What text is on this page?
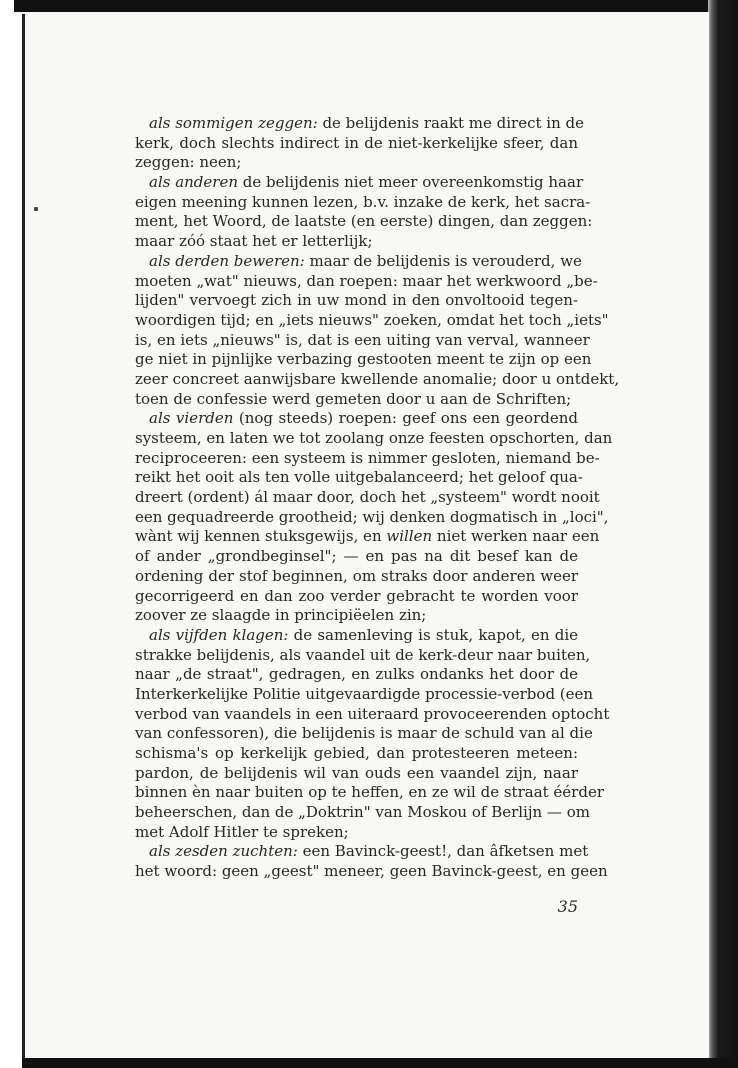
als sommigen zeggen: de belijdenis raakt me direct in de
kerk, doch slechts indirect in de niet-kerkelijke sfeer, dan
zeggen: neen;
als anderen de belijdenis niet meer overeenkomstig haar
eigen meening kunnen lezen, b.v. inzake de kerk, het sacra-
ment, het Woord, de laatste (en eerste) dingen, dan zeggen:
maar zóó staat het er letterlijk;
als derden beweren: maar de belijdenis is verouderd, we
moeten „wat" nieuws, dan roepen: maar het werkwoord „be-
lijden" vervoegt zich in uw mond in den onvoltooid tegen-
woordigen tijd; en „iets nieuws" zoeken, omdat het toch „iets"
is, en iets „nieuws" is, dat is een uiting van verval, wanneer
ge niet in pijnlijke verbazing gestooten meent te zijn op een
zeer concreet aanwijsbare kwellende anomalie; door u ontdekt,
toen de confessie werd gemeten door u aan de Schriften;
als vierden (nog steeds) roepen: geef ons een geordend
systeem, en laten we tot zoolang onze feesten opschorten, dan
reciproceeren: een systeem is nimmer gesloten, niemand be-
reikt het ooit als ten volle uitgebalanceerd; het geloof qua-
dreert (ordent) ál maar door, doch het „systeem" wordt nooit
een gequadreerde grootheid; wij denken dogmatisch in „loci",
wànt wij kennen stuksgewijs, en willen niet werken naar een
of ander „grondbeginsel"; — en pas na dit besef kan de
ordening der stof beginnen, om straks door anderen weer
gecorrigeerd en dan zoo verder gebracht te worden voor
zoover ze slaagde in principiëelen zin;
als vijfden klagen: de samenleving is stuk, kapot, en die
strakke belijdenis, als vaandel uit de kerk-deur naar buiten,
naar „de straat", gedragen, en zulks ondanks het door de
Interkerkelijke Politie uitgevaardigde processie-verbod (een
verbod van vaandels in een uiteraard provoceerenden optocht
van confessoren), die belijdenis is maar de schuld van al die
schisma's op kerkelijk gebied, dan protesteeren meteen:
pardon, de belijdenis wil van ouds een vaandel zijn, naar
binnen èn naar buiten op te heffen, en ze wil de straat éérder
beheerschen, dan de „Doktrin" van Moskou of Berlijn — om
met Adolf Hitler te spreken;
als zesden zuchten: een Bavinck-geest!, dan âfketsen met
het woord: geen „geest" meneer, geen Bavinck-geest, en geen
35
